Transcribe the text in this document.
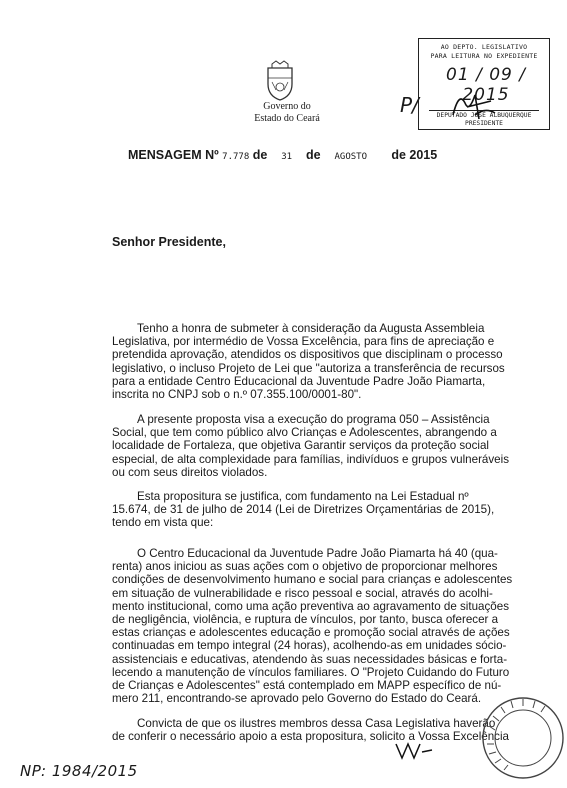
Governo do
Estado do Ceará
AO DEPTO. LEGISLATIVO
PARA LEITURA NO EXPEDIENTE
01 / 09 / 2015
DEPUTADO JOSÉ ALBUQUERQUE
PRESIDENTE
P/
MENSAGEM Nº 7.778 de 31 de AGOSTO de 2015
Senhor Presidente,
Tenho a honra de submeter à consideração da Augusta Assembleia
Legislativa, por intermédio de Vossa Excelência, para fins de apreciação e
pretendida aprovação, atendidos os dispositivos que disciplinam o processo
legislativo, o incluso Projeto de Lei que "autoriza a transferência de recursos
para a entidade Centro Educacional da Juventude Padre João Piamarta,
inscrita no CNPJ sob o n.º 07.355.100/0001-80".
A presente proposta visa a execução do programa 050 – Assistência
Social, que tem como público alvo Crianças e Adolescentes, abrangendo a
localidade de Fortaleza, que objetiva Garantir serviços da proteção social
especial, de alta complexidade para famílias, indivíduos e grupos vulneráveis
ou com seus direitos violados.
Esta propositura se justifica, com fundamento na Lei Estadual nº
15.674, de 31 de julho de 2014 (Lei de Diretrizes Orçamentárias de 2015),
tendo em vista que:
O Centro Educacional da Juventude Padre João Piamarta há 40 (qua-
renta) anos iniciou as suas ações com o objetivo de proporcionar melhores
condições de desenvolvimento humano e social para crianças e adolescentes
em situação de vulnerabilidade e risco pessoal e social, através do acolhi-
mento institucional, como uma ação preventiva ao agravamento de situações
de negligência, violência, e ruptura de vínculos, por tanto, busca oferecer a
estas crianças e adolescentes educação e promoção social através de ações
continuadas em tempo integral (24 horas), acolhendo-as em unidades sócio-
assistenciais e educativas, atendendo às suas necessidades básicas e forta-
lecendo a manutenção de vínculos familiares. O "Projeto Cuidando do Futuro
de Crianças e Adolescentes" está contemplado em MAPP específico de nú-
mero 211, encontrando-se aprovado pelo Governo do Estado do Ceará.
Convicta de que os ilustres membros dessa Casa Legislativa haverão
de conferir o necessário apoio a esta propositura, solicito a Vossa Excelência
NP: 1984/2015
